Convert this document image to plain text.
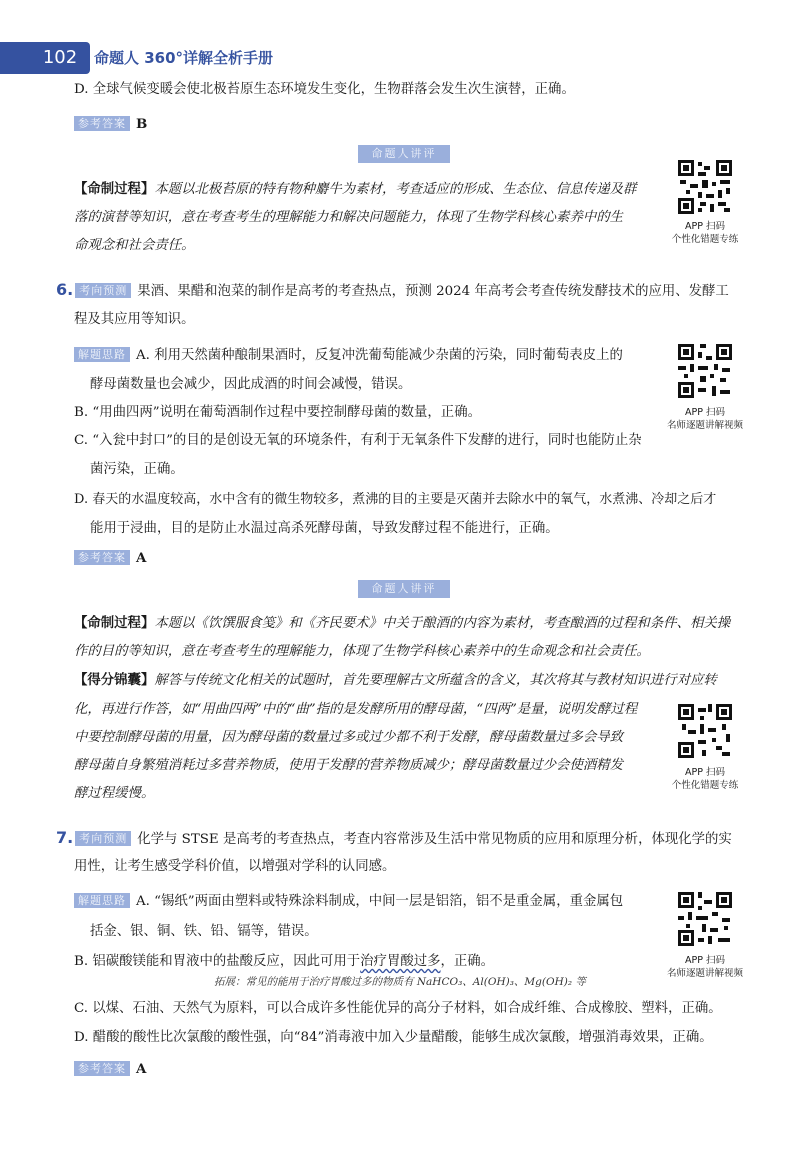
102	命题人 360°详解全析手册
D. 全球气候变暖会使北极苔原生态环境发生变化，生物群落会发生次生演替，正确。
参考答案 B
命题人讲评
【命制过程】本题以北极苔原的特有物种麝牛为素材，考查适应的形成、生态位、信息传递及群
落的演替等知识，意在考查考生的理解能力和解决问题能力，体现了生物学科核心素养中的生
命观念和社会责任。
APP 扫码
个性化错题专练
6. 考向预测 果酒、果醋和泡菜的制作是高考的考查热点，预测 2024 年高考会考查传统发酵技术的应用、发酵工
程及其应用等知识。
解题思路 A. 利用天然菌种酿制果酒时，反复冲洗葡萄能减少杂菌的污染，同时葡萄表皮上的
酵母菌数量也会减少，因此成酒的时间会减慢，错误。
B. “用曲四两”说明在葡萄酒制作过程中要控制酵母菌的数量，正确。
C. “入瓮中封口”的目的是创设无氧的环境条件，有利于无氧条件下发酵的进行，同时也能防止杂
菌污染，正确。
D. 春天的水温度较高，水中含有的微生物较多，煮沸的目的主要是灭菌并去除水中的氧气，水煮沸、冷却之后才
能用于浸曲，目的是防止水温过高杀死酵母菌，导致发酵过程不能进行，正确。
参考答案 A
APP 扫码
名师逐题讲解视频
命题人讲评
【命制过程】本题以《饮馔服食笺》和《齐民要术》中关于酿酒的内容为素材，考查酿酒的过程和条件、相关操
作的目的等知识，意在考查考生的理解能力，体现了生物学科核心素养中的生命观念和社会责任。
【得分锦囊】解答与传统文化相关的试题时，首先要理解古文所蕴含的含义，其次将其与教材知识进行对应转
化，再进行作答，如“用曲四两”中的“曲”指的是发酵所用的酵母菌，“四两”是量，说明发酵过程
中要控制酵母菌的用量，因为酵母菌的数量过多或过少都不利于发酵，酵母菌数量过多会导致
酵母菌自身繁殖消耗过多营养物质，使用于发酵的营养物质减少；酵母菌数量过少会使酒精发
酵过程缓慢。
APP 扫码
个性化错题专练
7. 考向预测 化学与 STSE 是高考的考查热点，考查内容常涉及生活中常见物质的应用和原理分析，体现化学的实
用性，让考生感受学科价值，以增强对学科的认同感。
解题思路 A. “锡纸”两面由塑料或特殊涂料制成，中间一层是铝箔，铝不是重金属，重金属包
括金、银、铜、铁、铅、镉等，错误。
B. 铝碳酸镁能和胃液中的盐酸反应，因此可用于治疗胃酸过多，正确。
拓展：常见的能用于治疗胃酸过多的物质有 NaHCO₃、Al(OH)₃、Mg(OH)₂ 等
C. 以煤、石油、天然气为原料，可以合成许多性能优异的高分子材料，如合成纤维、合成橡胶、塑料，正确。
D. 醋酸的酸性比次氯酸的酸性强，向“84”消毒液中加入少量醋酸，能够生成次氯酸，增强消毒效果，正确。
参考答案 A
APP 扫码
名师逐题讲解视频
